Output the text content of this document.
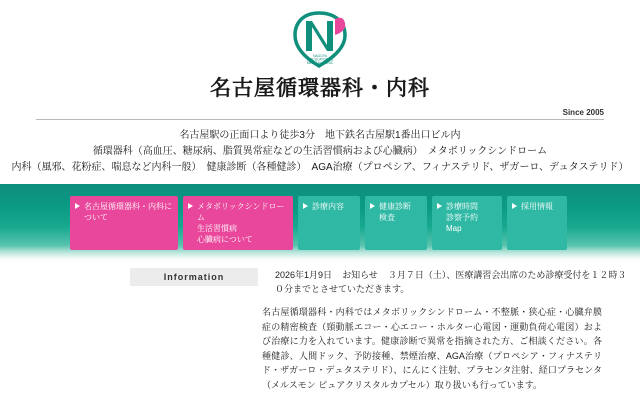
NAGOYA
CIRCULATORY &
MEDICAL CLINIC
名古屋循環器科・内科
Since 2005
名古屋駅の正面口より徒歩3分　地下鉄名古屋駅1番出口ビル内
循環器科（高血圧、糖尿病、脂質異常症などの生活習慣病および心臓病）　メタボリックシンドローム
内科（風邪、花粉症、喘息など内科一般）　健康診断（各種健診）　AGA治療（プロペシア、フィナステリド、ザガーロ、デュタステリド）
名古屋循環器科・内科に
ついて
メタボリックシンドローム
生活習慣病
心臓病について
診療内容	健康診断
検査
診療時間
診察予約
Map
採用情報
Information	2026年1月9日 お知らせ ３月７日（土）、医療講習会出席のため診療受付を１２時３０分までとさせていただきます。
名古屋循環器科・内科ではメタボリックシンドローム・不整脈・狭心症・心臓弁膜症の精密検査（頸動脈エコー・心エコー・ホルター心電図・運動負荷心電図）および治療に力を入れています。健康診断で異常を指摘された方、ご相談ください。各種健診、人間ドック、予防接種、禁煙治療、AGA治療（プロペシア・フィナステリド・ザガーロ・デュタステリド）、にんにく注射、プラセンタ注射、経口プラセンタ（メルスモン ピュアクリスタルカプセル）取り扱いも行っています。
